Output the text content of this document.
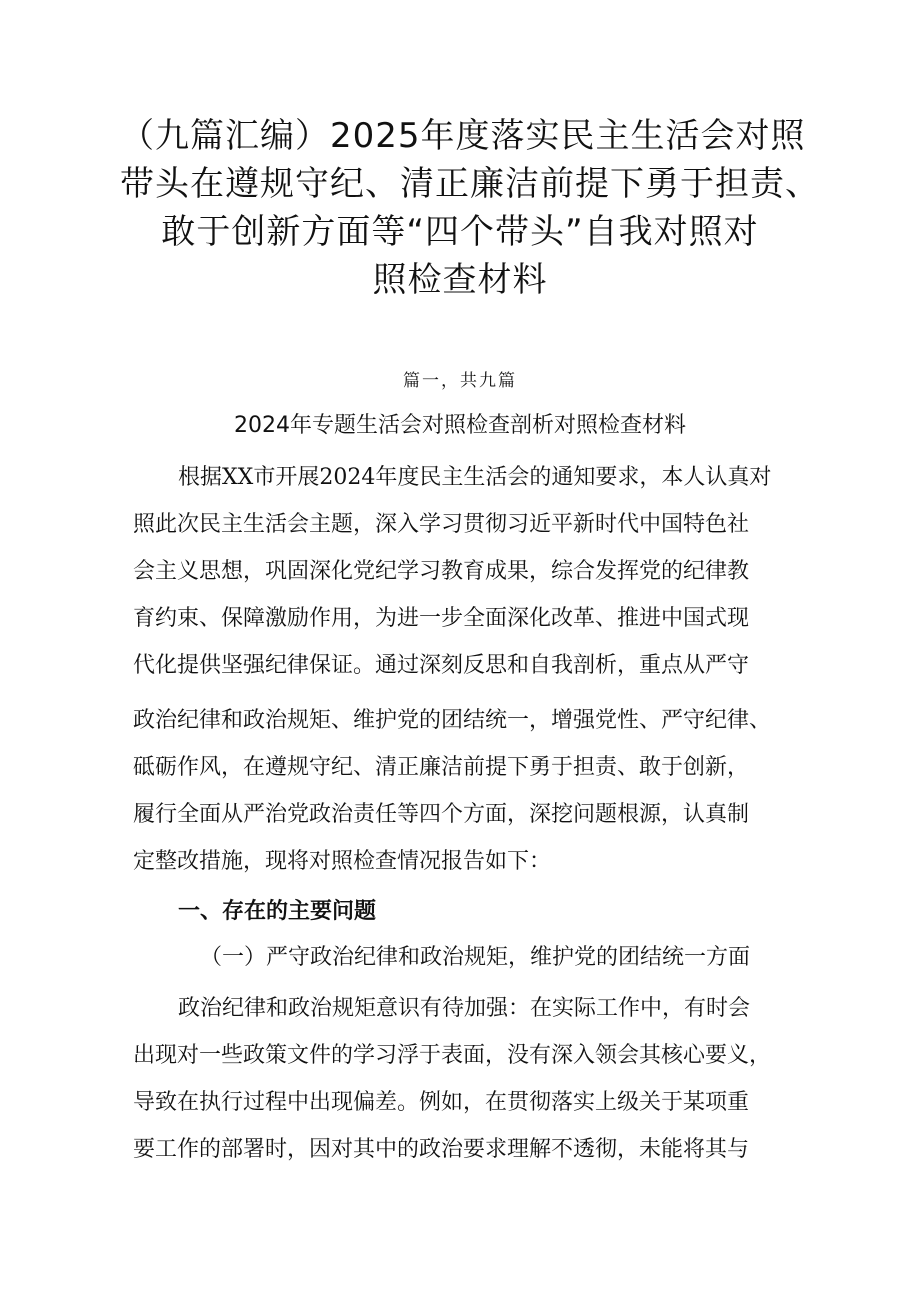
（九篇汇编）2025年度落实民主生活会对照
带头在遵规守纪、清正廉洁前提下勇于担责、
敢于创新方面等“四个带头”自我对照对
照检查材料
篇一，共九篇
2024年专题生活会对照检查剖析对照检查材料
根据XX市开展2024年度民主生活会的通知要求，本人认真对
照此次民主生活会主题，深入学习贯彻习近平新时代中国特色社
会主义思想，巩固深化党纪学习教育成果，综合发挥党的纪律教
育约束、保障激励作用，为进一步全面深化改革、推进中国式现
代化提供坚强纪律保证。通过深刻反思和自我剖析，重点从严守
政治纪律和政治规矩、维护党的团结统一，增强党性、严守纪律、
砥砺作风，在遵规守纪、清正廉洁前提下勇于担责、敢于创新，
履行全面从严治党政治责任等四个方面，深挖问题根源，认真制
定整改措施，现将对照检查情况报告如下：
一、存在的主要问题
（一）严守政治纪律和政治规矩，维护党的团结统一方面
政治纪律和政治规矩意识有待加强：在实际工作中，有时会
出现对一些政策文件的学习浮于表面，没有深入领会其核心要义，
导致在执行过程中出现偏差。例如，在贯彻落实上级关于某项重
要工作的部署时，因对其中的政治要求理解不透彻，未能将其与
